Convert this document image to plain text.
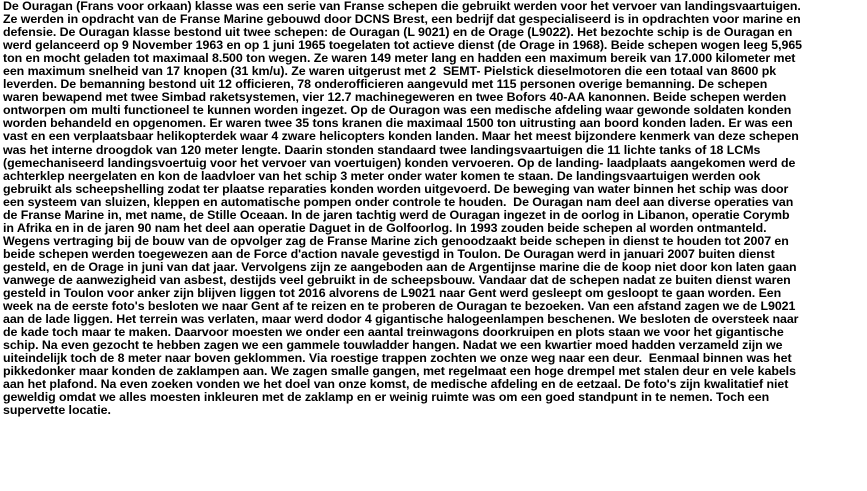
De Ouragan (Frans voor orkaan) klasse was een serie van Franse schepen die gebruikt werden voor het vervoer van landingsvaartuigen.
Ze werden in opdracht van de Franse Marine gebouwd door DCNS Brest, een bedrijf dat gespecialiseerd is in opdrachten voor marine en
defensie. De Ouragan klasse bestond uit twee schepen: de Ouragan (L 9021) en de Orage (L9022). Het bezochte schip is de Ouragan en
werd gelanceerd op 9 November 1963 en op 1 juni 1965 toegelaten tot actieve dienst (de Orage in 1968). Beide schepen wogen leeg 5,965
ton en mocht geladen tot maximaal 8.500 ton wegen. Ze waren 149 meter lang en hadden een maximum bereik van 17.000 kilometer met
een maximum snelheid van 17 knopen (31 km/u). Ze waren uitgerust met 2  SEMT- Pielstick dieselmotoren die een totaal van 8600 pk
leverden. De bemanning bestond uit 12 officieren, 78 onderofficieren aangevuld met 115 personen overige bemanning. De schepen
waren bewapend met twee Simbad raketsystemen, vier 12.7 machinegeweren en twee Bofors 40-AA kanonnen. Beide schepen werden
ontworpen om multi functioneel te kunnen worden ingezet. Op de Ouragon was een medische afdeling waar gewonde soldaten konden
worden behandeld en opgenomen. Er waren twee 35 tons kranen die maximaal 1500 ton uitrusting aan boord konden laden. Er was een
vast en een verplaatsbaar helikopterdek waar 4 zware helicopters konden landen. Maar het meest bijzondere kenmerk van deze schepen
was het interne droogdok van 120 meter lengte. Daarin stonden standaard twee landingsvaartuigen die 11 lichte tanks of 18 LCMs
(gemechaniseerd landingsvoertuig voor het vervoer van voertuigen) konden vervoeren. Op de landing- laadplaats aangekomen werd de
achterklep neergelaten en kon de laadvloer van het schip 3 meter onder water komen te staan. De landingsvaartuigen werden ook
gebruikt als scheepshelling zodat ter plaatse reparaties konden worden uitgevoerd. De beweging van water binnen het schip was door
een systeem van sluizen, kleppen en automatische pompen onder controle te houden.  De Ouragan nam deel aan diverse operaties van
de Franse Marine in, met name, de Stille Oceaan. In de jaren tachtig werd de Ouragan ingezet in de oorlog in Libanon, operatie Corymb
in Afrika en in de jaren 90 nam het deel aan operatie Daguet in de Golfoorlog. In 1993 zouden beide schepen al worden ontmanteld.
Wegens vertraging bij de bouw van de opvolger zag de Franse Marine zich genoodzaakt beide schepen in dienst te houden tot 2007 en
beide schepen werden toegewezen aan de Force d'action navale gevestigd in Toulon. De Ouragan werd in januari 2007 buiten dienst
gesteld, en de Orage in juni van dat jaar. Vervolgens zijn ze aangeboden aan de Argentijnse marine die de koop niet door kon laten gaan
vanwege de aanwezigheid van asbest, destijds veel gebruikt in de scheepsbouw. Vandaar dat de schepen nadat ze buiten dienst waren
gesteld in Toulon voor anker zijn blijven liggen tot 2016 alvorens de L9021 naar Gent werd gesleept om gesloopt te gaan worden. Een
week na de eerste foto's besloten we naar Gent af te reizen en te proberen de Ouragan te bezoeken. Van een afstand zagen we de L9021
aan de lade liggen. Het terrein was verlaten, maar werd dodor 4 gigantische halogeenlampen beschenen. We besloten de oversteek naar
de kade toch maar te maken. Daarvoor moesten we onder een aantal treinwagons doorkruipen en plots staan we voor het gigantische
schip. Na even gezocht te hebben zagen we een gammele touwladder hangen. Nadat we een kwartier moed hadden verzameld zijn we
uiteindelijk toch de 8 meter naar boven geklommen. Via roestige trappen zochten we onze weg naar een deur.  Eenmaal binnen was het
pikkedonker maar konden de zaklampen aan. We zagen smalle gangen, met regelmaat een hoge drempel met stalen deur en vele kabels
aan het plafond. Na even zoeken vonden we het doel van onze komst, de medische afdeling en de eetzaal. De foto's zijn kwalitatief niet
geweldig omdat we alles moesten inkleuren met de zaklamp en er weinig ruimte was om een goed standpunt in te nemen. Toch een
supervette locatie.
